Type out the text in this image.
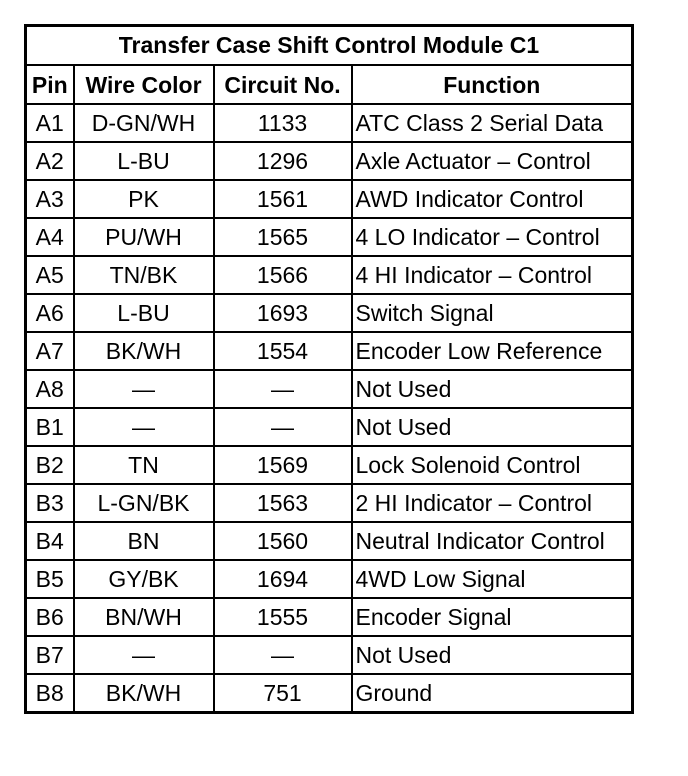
Transfer Case Shift Control Module C1			
Pin	Wire Color	Circuit No.	Function
A1	D-GN/WH	1133	ATC Class 2 Serial Data
A2	L-BU	1296	Axle Actuator – Control
A3	PK	1561	AWD Indicator Control
A4	PU/WH	1565	4 LO Indicator – Control
A5	TN/BK	1566	4 HI Indicator – Control
A6	L-BU	1693	Switch Signal
A7	BK/WH	1554	Encoder Low Reference
A8	—	—	Not Used
B1	—	—	Not Used
B2	TN	1569	Lock Solenoid Control
B3	L-GN/BK	1563	2 HI Indicator – Control
B4	BN	1560	Neutral Indicator Control
B5	GY/BK	1694	4WD Low Signal
B6	BN/WH	1555	Encoder Signal
B7	—	—	Not Used
B8	BK/WH	751	Ground
